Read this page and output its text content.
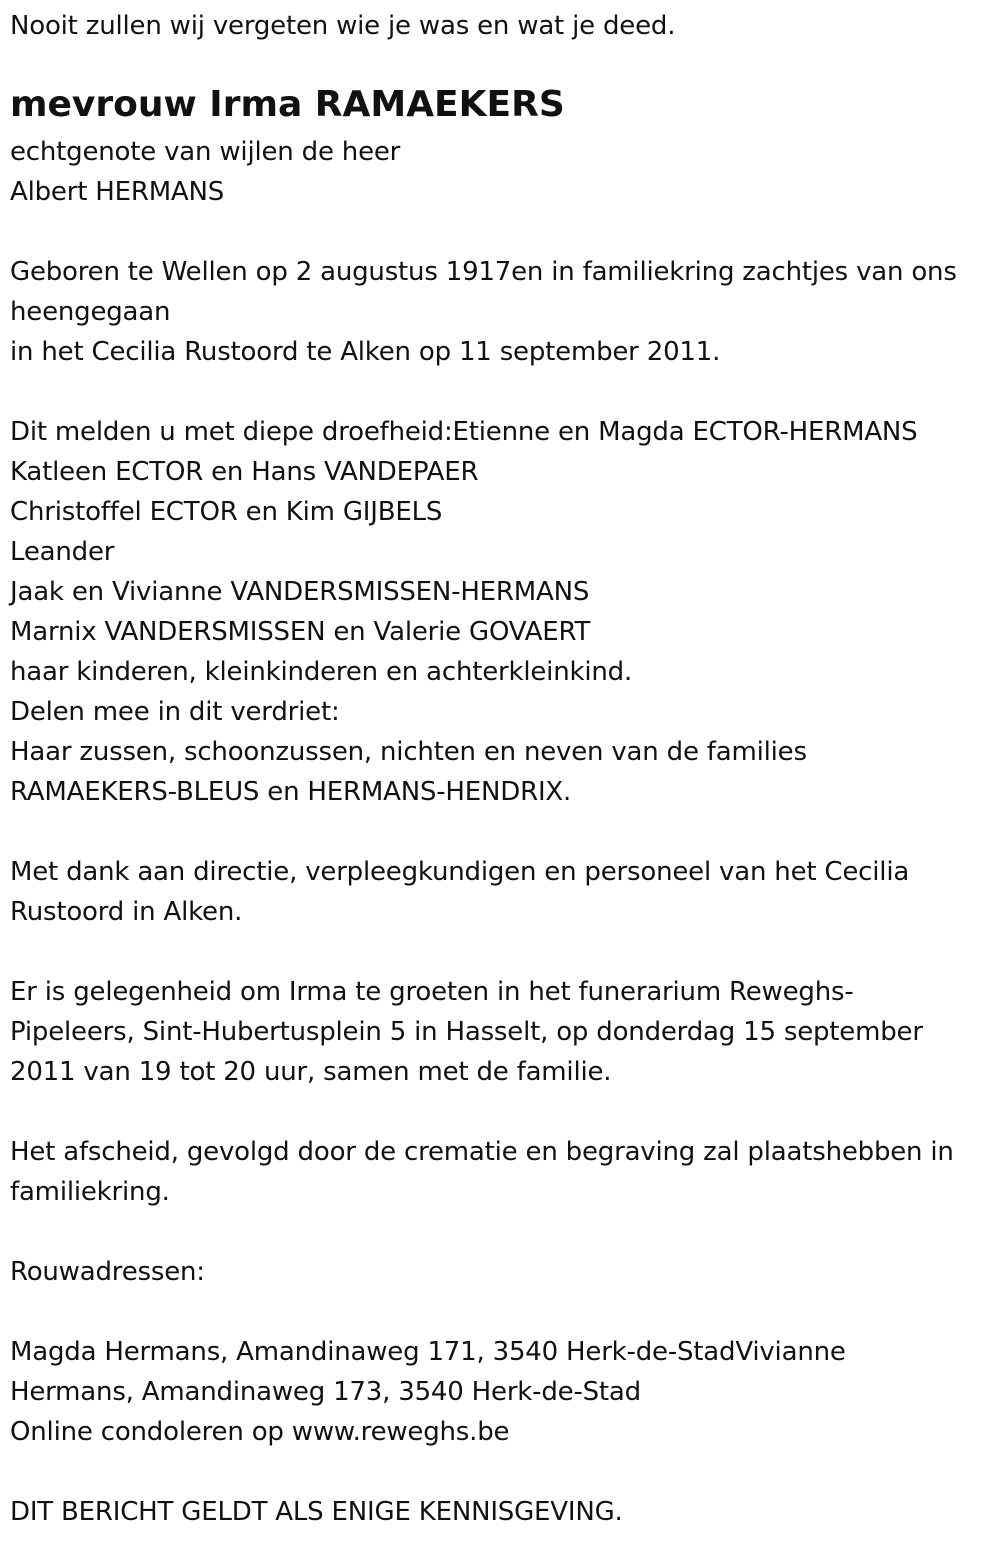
Nooit zullen wij vergeten wie je was en wat je deed.
mevrouw Irma RAMAEKERS
echtgenote van wijlen de heer
Albert HERMANS
Geboren te Wellen op 2 augustus 1917en in familiekring zachtjes van ons
heengegaan
in het Cecilia Rustoord te Alken op 11 september 2011.
Dit melden u met diepe droefheid:Etienne en Magda ECTOR-HERMANS
Katleen ECTOR en Hans VANDEPAER
Christoffel ECTOR en Kim GIJBELS
Leander
Jaak en Vivianne VANDERSMISSEN-HERMANS
Marnix VANDERSMISSEN en Valerie GOVAERT
haar kinderen, kleinkinderen en achterkleinkind.
Delen mee in dit verdriet:
Haar zussen, schoonzussen, nichten en neven van de families
RAMAEKERS-BLEUS en HERMANS-HENDRIX.
Met dank aan directie, verpleegkundigen en personeel van het Cecilia
Rustoord in Alken.
Er is gelegenheid om Irma te groeten in het funerarium Reweghs-
Pipeleers, Sint-Hubertusplein 5 in Hasselt, op donderdag 15 september
2011 van 19 tot 20 uur, samen met de familie.
Het afscheid, gevolgd door de crematie en begraving zal plaatshebben in
familiekring.
Rouwadressen:
Magda Hermans, Amandinaweg 171, 3540 Herk-de-StadVivianne
Hermans, Amandinaweg 173, 3540 Herk-de-Stad
Online condoleren op www.reweghs.be
DIT BERICHT GELDT ALS ENIGE KENNISGEVING.
